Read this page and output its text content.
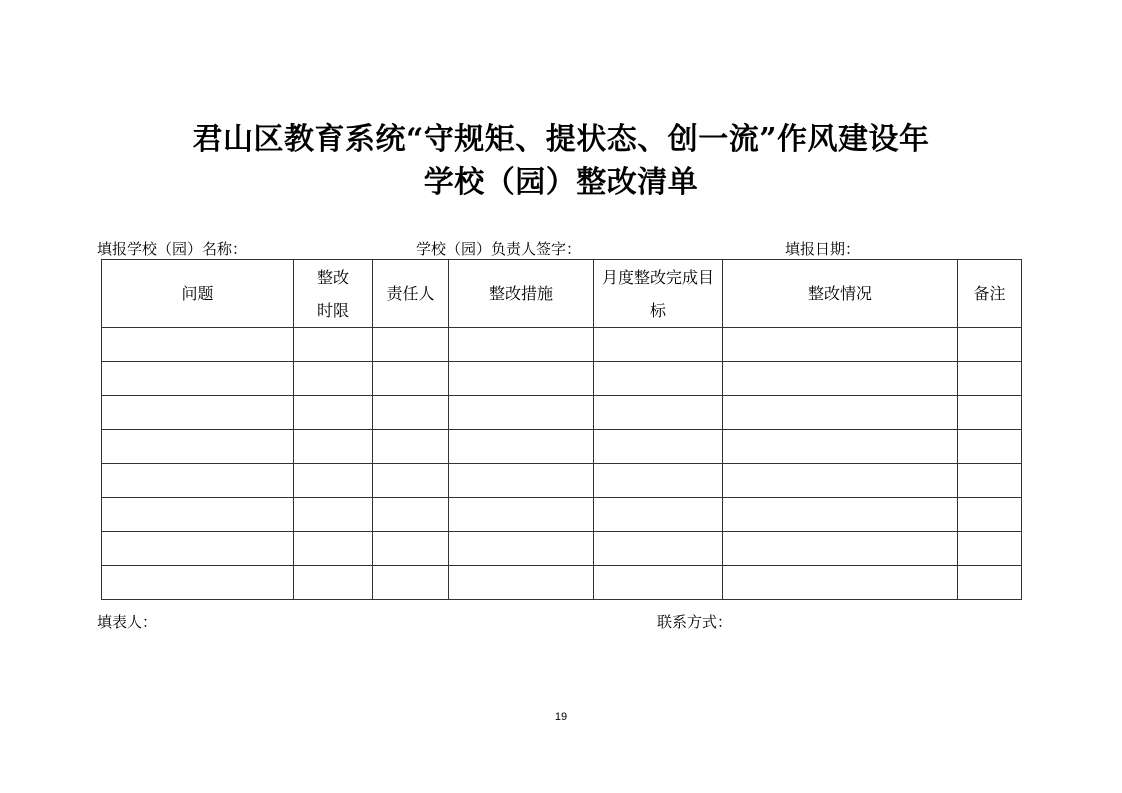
君山区教育系统“守规矩、提状态、创一流”作风建设年
学校（园）整改清单
填报学校（园）名称：	学校（园）负责人签字：	填报日期：
问题	整改时限	责任人	整改措施	月度整改完成目标	整改情况	备注

填表人：	联系方式：
19
